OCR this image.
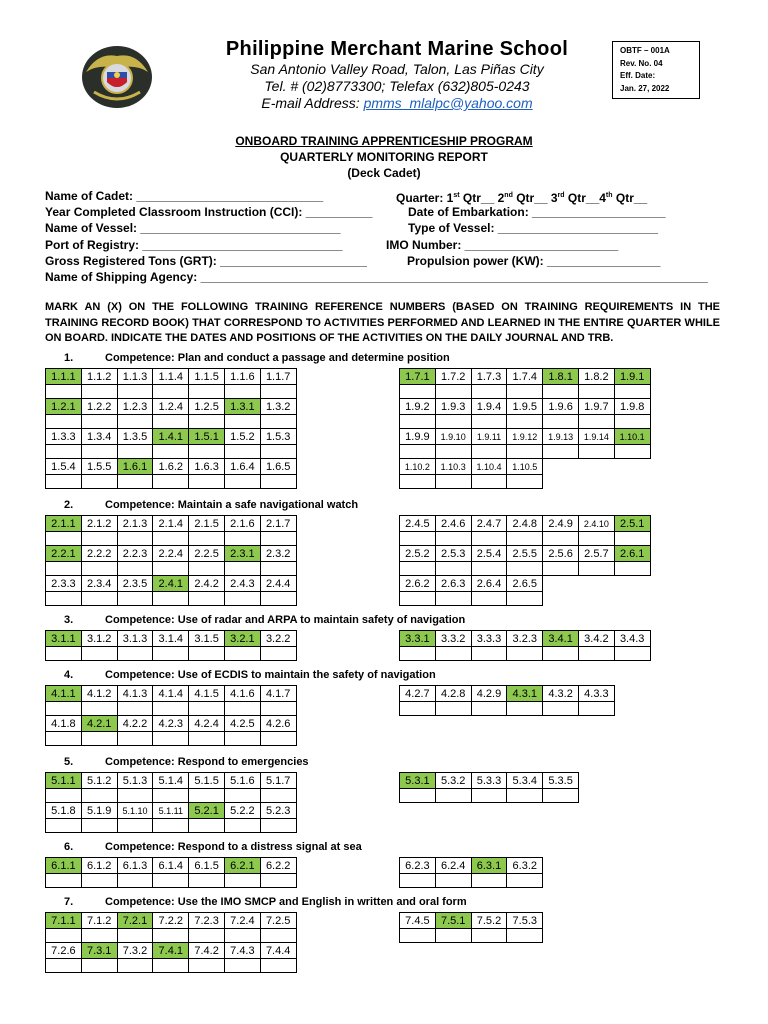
Philippine Merchant Marine School
San Antonio Valley Road, Talon, Las Piñas City
Tel. # (02)8773300; Telefax (632)805-0243
E-mail Address: pmms_mlalpc@yahoo.com
OBTF – 001A
Rev. No. 04
Eff. Date:
Jan. 27, 2022
ONBOARD TRAINING APPRENTICESHIP PROGRAM
QUARTERLY MONITORING REPORT
(Deck Cadet)
Name of Cadet: ____________________________	Quarter: 1st Qtr__ 2nd Qtr__ 3rd Qtr__4th Qtr__
Year Completed Classroom Instruction (CCI): __________	Date of Embarkation: ____________________
Name of Vessel: ______________________________	Type of Vessel: ________________________
Port of Registry: ______________________________	IMO Number: _______________________
Gross Registered Tons (GRT): ______________________	Propulsion power (KW): _________________
Name of Shipping Agency: ____________________________________________________________________________
MARK AN (X) ON THE FOLLOWING TRAINING REFERENCE NUMBERS (BASED ON TRAINING REQUIREMENTS IN THE TRAINING RECORD BOOK) THAT CORRESPOND TO ACTIVITIES PERFORMED AND LEARNED IN THE ENTIRE QUARTER WHILE ON BOARD. INDICATE THE DATES AND POSITIONS OF THE ACTIVITIES ON THE DAILY JOURNAL AND TRB.
1.	Competence: Plan and conduct a passage and determine position
1.1.1	1.1.2	1.1.3	1.1.4	1.1.5	1.1.6	1.1.7

1.2.1	1.2.2	1.2.3	1.2.4	1.2.5	1.3.1	1.3.2

1.3.3	1.3.4	1.3.5	1.4.1	1.5.1	1.5.2	1.5.3

1.5.4	1.5.5	1.6.1	1.6.2	1.6.3	1.6.4	1.6.5

1.7.1	1.7.2	1.7.3	1.7.4	1.8.1	1.8.2	1.9.1

1.9.2	1.9.3	1.9.4	1.9.5	1.9.6	1.9.7	1.9.8

1.9.9	1.9.10	1.9.11	1.9.12	1.9.13	1.9.14	1.10.1

1.10.2	1.10.3	1.10.4	1.10.5			

2.	Competence: Maintain a safe navigational watch
2.1.1	2.1.2	2.1.3	2.1.4	2.1.5	2.1.6	2.1.7

2.2.1	2.2.2	2.2.3	2.2.4	2.2.5	2.3.1	2.3.2

2.3.3	2.3.4	2.3.5	2.4.1	2.4.2	2.4.3	2.4.4

2.4.5	2.4.6	2.4.7	2.4.8	2.4.9	2.4.10	2.5.1

2.5.2	2.5.3	2.5.4	2.5.5	2.5.6	2.5.7	2.6.1

2.6.2	2.6.3	2.6.4	2.6.5			

3.	Competence: Use of radar and ARPA to maintain safety of navigation
3.1.1	3.1.2	3.1.3	3.1.4	3.1.5	3.2.1	3.2.2
							3.3.1	3.3.2	3.3.3	3.2.3	3.4.1	3.4.2	3.4.3

4.	Competence: Use of ECDIS to maintain the safety of navigation
4.1.1	4.1.2	4.1.3	4.1.4	4.1.5	4.1.6	4.1.7

4.1.8	4.2.1	4.2.2	4.2.3	4.2.4	4.2.5	4.2.6

4.2.7	4.2.8	4.2.9	4.3.1	4.3.2	4.3.3

5.	Competence: Respond to emergencies
5.1.1	5.1.2	5.1.3	5.1.4	5.1.5	5.1.6	5.1.7

5.1.8	5.1.9	5.1.10	5.1.11	5.2.1	5.2.2	5.2.3

5.3.1	5.3.2	5.3.3	5.3.4	5.3.5

6.	Competence: Respond to a distress signal at sea
6.1.1	6.1.2	6.1.3	6.1.4	6.1.5	6.2.1	6.2.2
							6.2.3	6.2.4	6.3.1	6.3.2

7.	Competence: Use the IMO SMCP and English in written and oral form
7.1.1	7.1.2	7.2.1	7.2.2	7.2.3	7.2.4	7.2.5

7.2.6	7.3.1	7.3.2	7.4.1	7.4.2	7.4.3	7.4.4

7.4.5	7.5.1	7.5.2	7.5.3
